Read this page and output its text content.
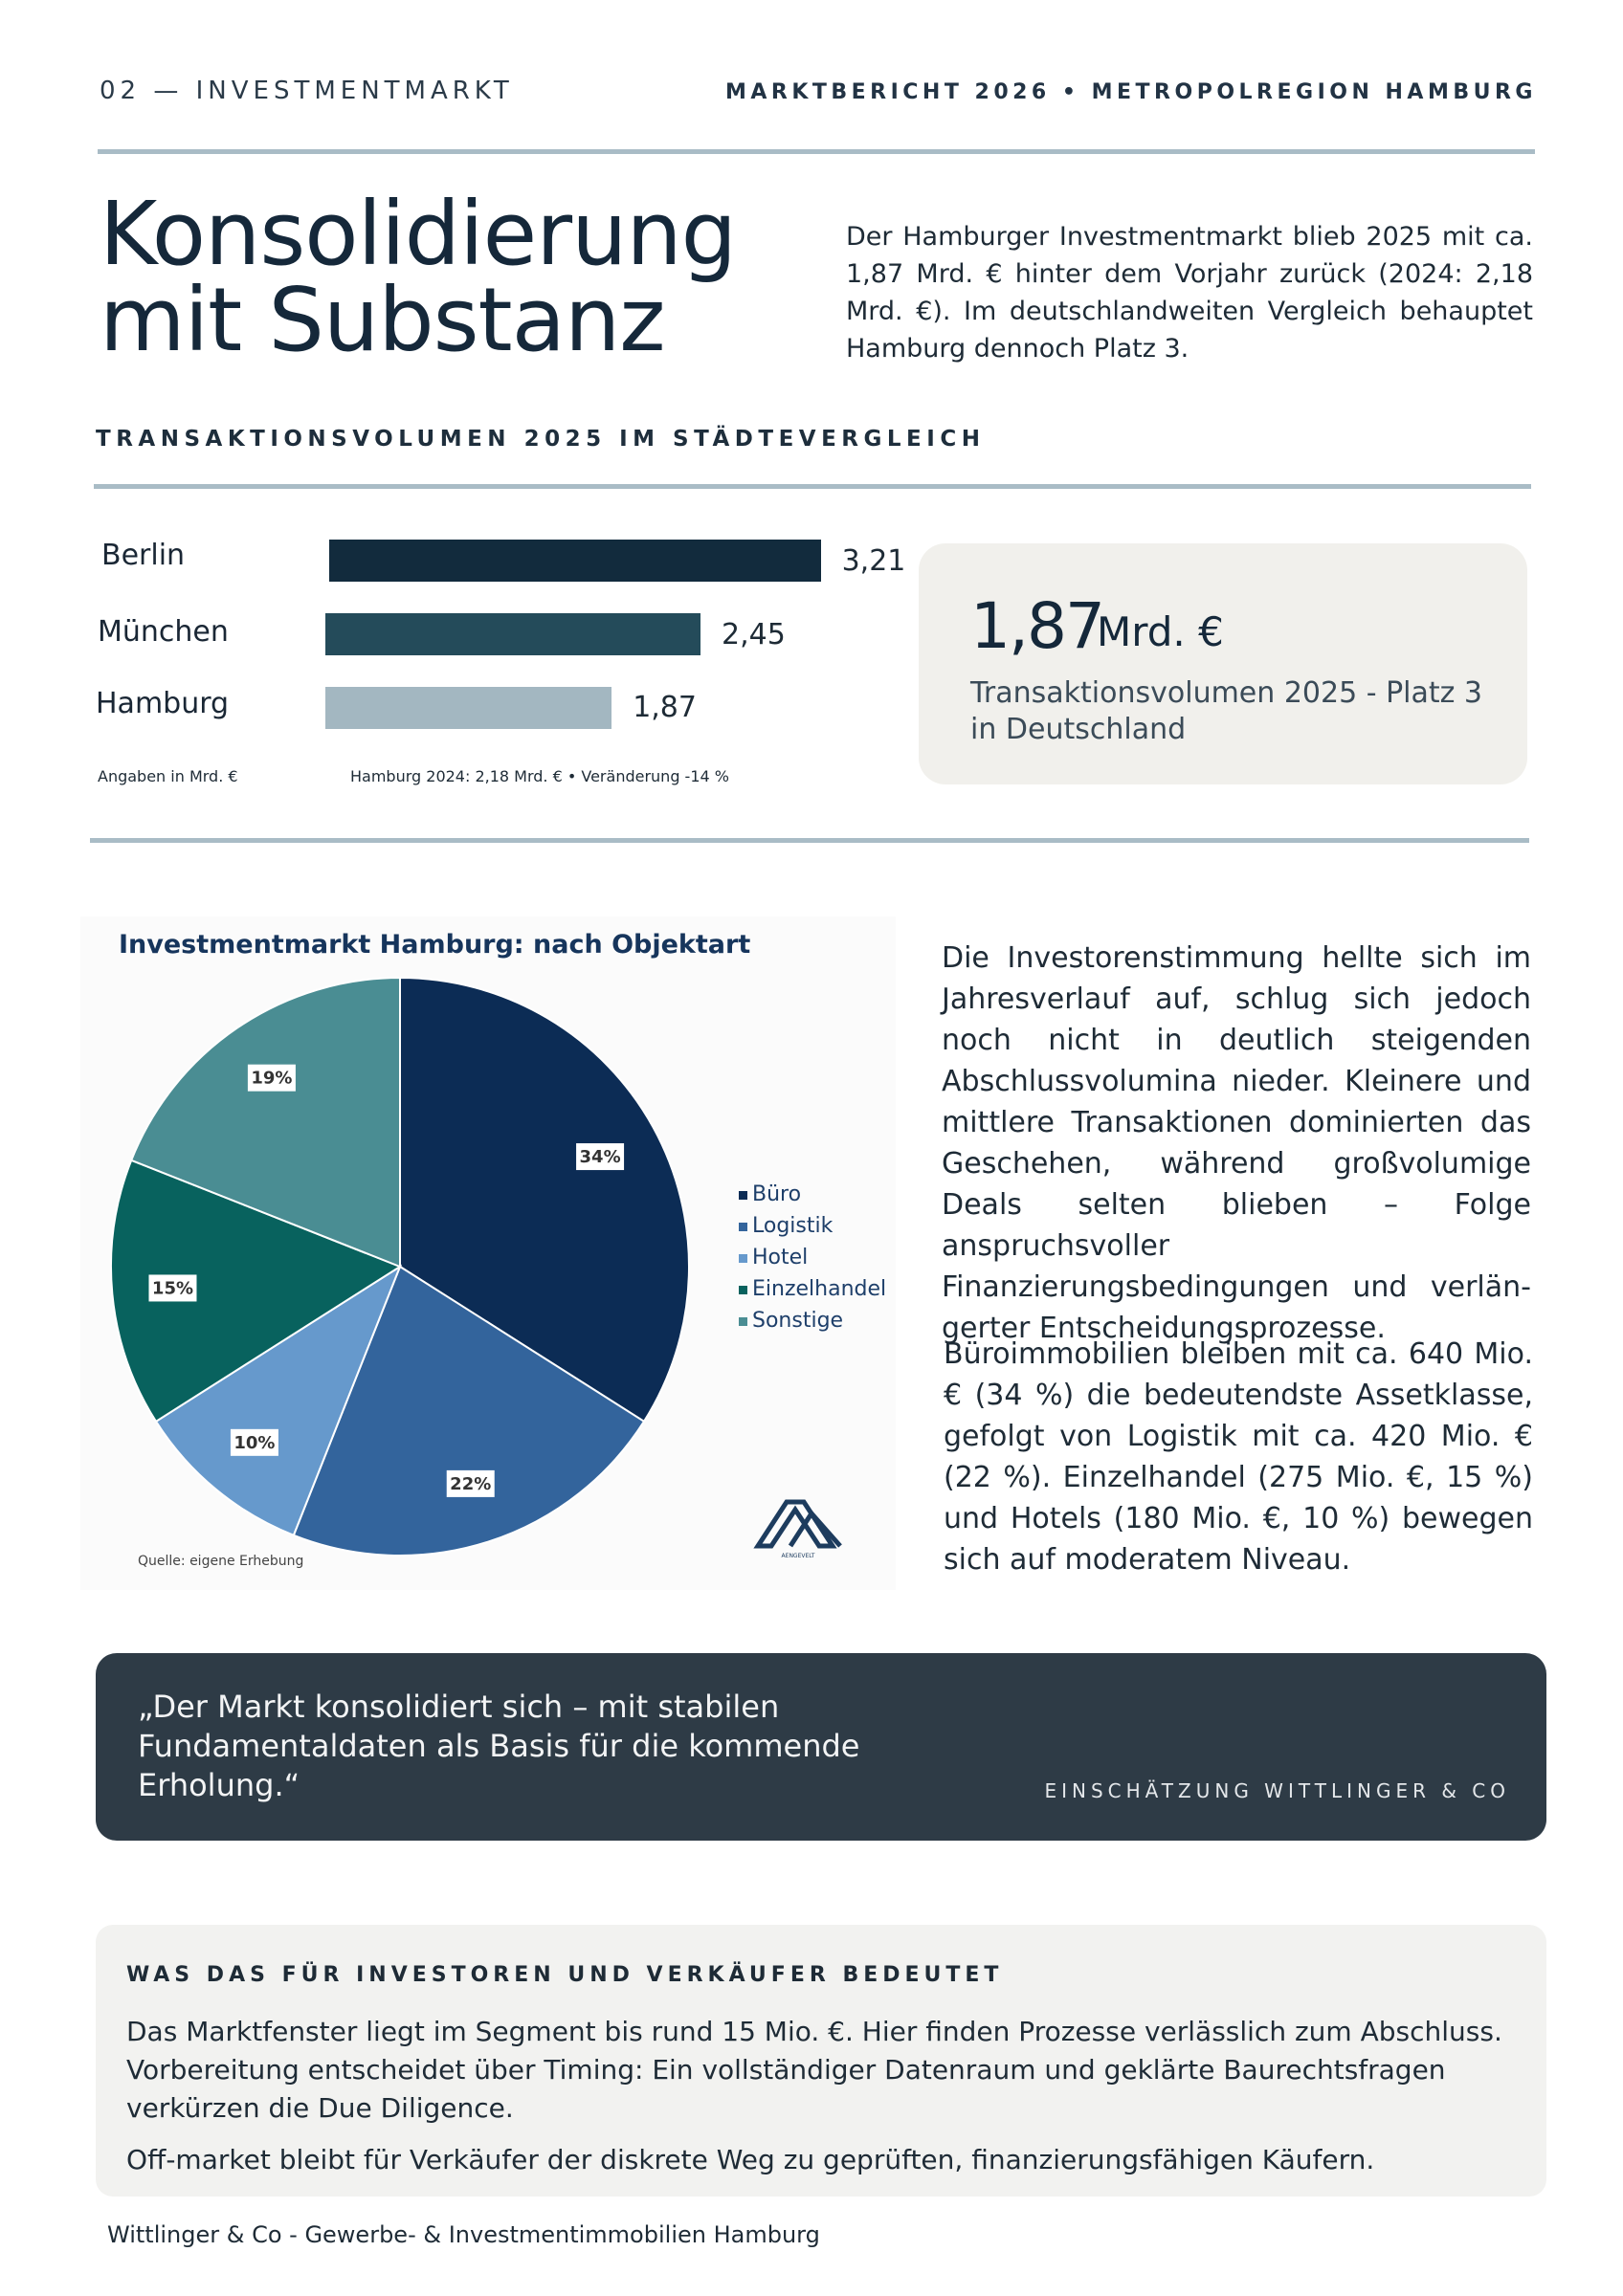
02 — INVESTMENTMARKT	MARKTBERICHT 2026 • METROPOLREGION HAMBURG
Konsolidierung
mit Substanz
Der Hamburger Investmentmarkt blieb 2025 mit ca. 1,87 Mrd. € hinter dem Vorjahr zurück (2024: 2,18 Mrd. €). Im deutschlandweiten Vergleich behauptet Hamburg dennoch Platz 3.
TRANSAKTIONSVOLUMEN 2025 IM STÄDTEVERGLEICH
Berlin	3,21
München	2,45
Hamburg	1,87
Angaben in Mrd. €	Hamburg 2024: 2,18 Mrd. € • Veränderung -14 %
1,87
Mrd. €
Transaktionsvolumen 2025 - Platz 3 in Deutschland
Investmentmarkt Hamburg: nach Objektart
34%
22%
10%
15%
19%
Büro
Logistik
Hotel
Einzelhandel
Sonstige
AENGEVELT
Quelle: eigene Erhebung
Die Investorenstimmung hellte sich im Jahresverlauf auf, schlug sich jedoch noch nicht in deutlich steigenden Abschlussvolumina nieder. Kleinere und mittlere Transaktionen dominierten das Geschehen, während großvolumige Deals selten blieben – Folge anspruchsvoller Finanzierungsbedingungen und verlän- gerter Entscheidungsprozesse.
Büroimmobilien bleiben mit ca. 640 Mio. € (34 %) die bedeutendste Assetklasse, gefolgt von Logistik mit ca. 420 Mio. € (22 %). Einzelhandel (275 Mio. €, 15 %) und Hotels (180 Mio. €, 10 %) bewegen sich auf moderatem Niveau.
„Der Markt konsolidiert sich – mit stabilen Fundamentaldaten als Basis für die kommende Erholung.“	EINSCHÄTZUNG WITTLINGER & CO
WAS DAS FÜR INVESTOREN UND VERKÄUFER BEDEUTET
Das Marktfenster liegt im Segment bis rund 15 Mio. €. Hier finden Prozesse verlässlich zum Abschluss. Vorbereitung entscheidet über Timing: Ein vollständiger Datenraum und geklärte Baurechtsfragen verkürzen die Due Diligence.
Off-market bleibt für Verkäufer der diskrete Weg zu geprüften, finanzierungsfähigen Käufern.
Wittlinger & Co - Gewerbe- & Investmentimmobilien Hamburg
